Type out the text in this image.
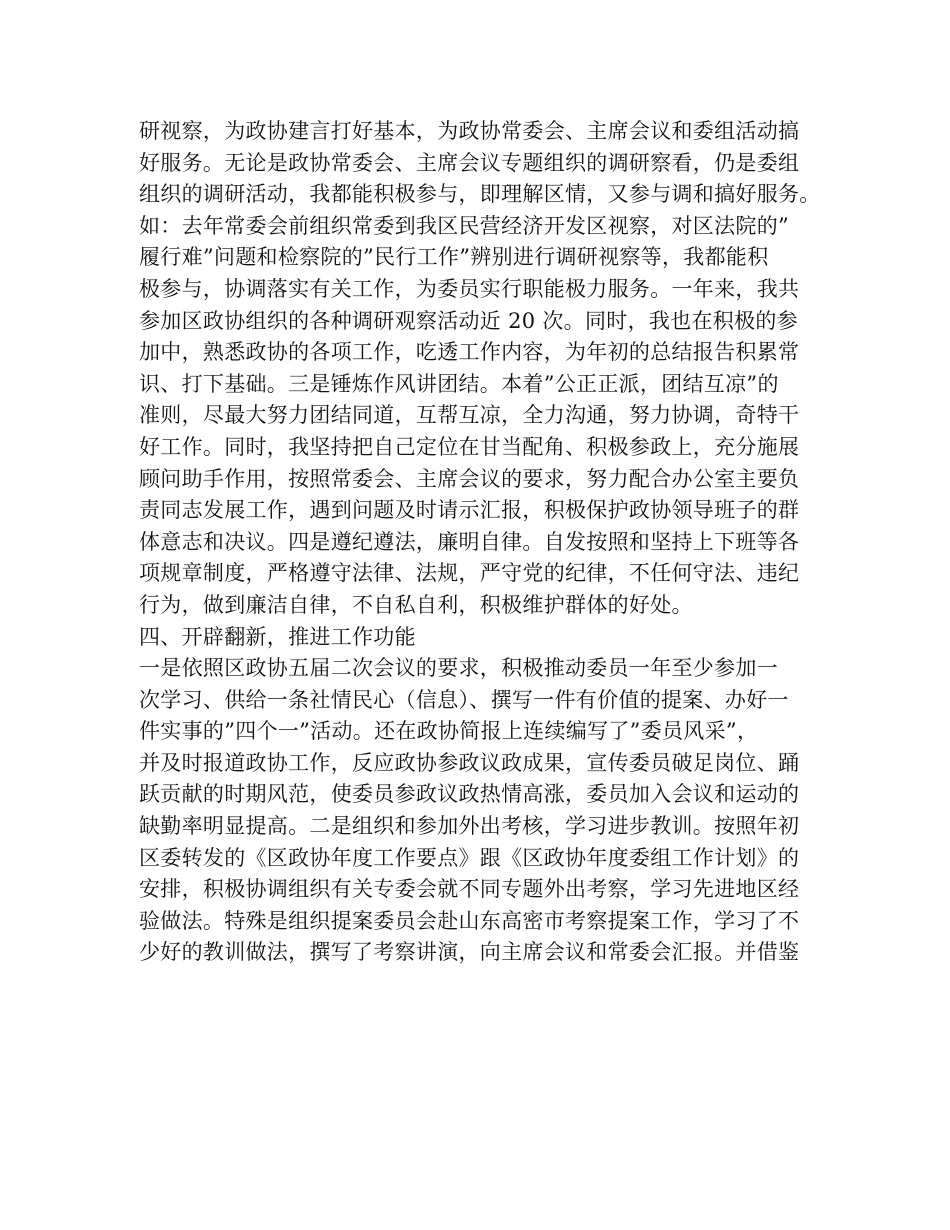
研视察，为政协建言打好基本，为政协常委会、主席会议和委组活动搞
好服务。无论是政协常委会、主席会议专题组织的调研察看，仍是委组
组织的调研活动，我都能积极参与，即理解区情，又参与调和搞好服务。
如：去年常委会前组织常委到我区民营经济开发区视察，对区法院的”
履行难”问题和检察院的”民行工作”辨别进行调研视察等，我都能积
极参与，协调落实有关工作，为委员实行职能极力服务。一年来，我共
参加区政协组织的各种调研观察活动近 20 次。同时，我也在积极的参
加中，熟悉政协的各项工作，吃透工作内容，为年初的总结报告积累常
识、打下基础。三是锤炼作风讲团结。本着”公正正派，团结互凉”的
准则，尽最大努力团结同道，互帮互凉，全力沟通，努力协调，奇特干
好工作。同时，我坚持把自己定位在甘当配角、积极参政上，充分施展
顾问助手作用，按照常委会、主席会议的要求，努力配合办公室主要负
责同志发展工作，遇到问题及时请示汇报，积极保护政协领导班子的群
体意志和决议。四是遵纪遵法，廉明自律。自发按照和坚持上下班等各
项规章制度，严格遵守法律、法规，严守党的纪律，不任何守法、违纪
行为，做到廉洁自律，不自私自利，积极维护群体的好处。
四、开辟翻新，推进工作功能
一是依照区政协五届二次会议的要求，积极推动委员一年至少参加一
次学习、供给一条社情民心（信息）、撰写一件有价值的提案、办好一
件实事的”四个一”活动。还在政协简报上连续编写了”委员风采”，
并及时报道政协工作，反应政协参政议政成果，宣传委员破足岗位、踊
跃贡献的时期风范，使委员参政议政热情高涨，委员加入会议和运动的
缺勤率明显提高。二是组织和参加外出考核，学习进步教训。按照年初
区委转发的《区政协年度工作要点》跟《区政协年度委组工作计划》的
安排，积极协调组织有关专委会就不同专题外出考察，学习先进地区经
验做法。特殊是组织提案委员会赴山东高密市考察提案工作，学习了不
少好的教训做法，撰写了考察讲演，向主席会议和常委会汇报。并借鉴
